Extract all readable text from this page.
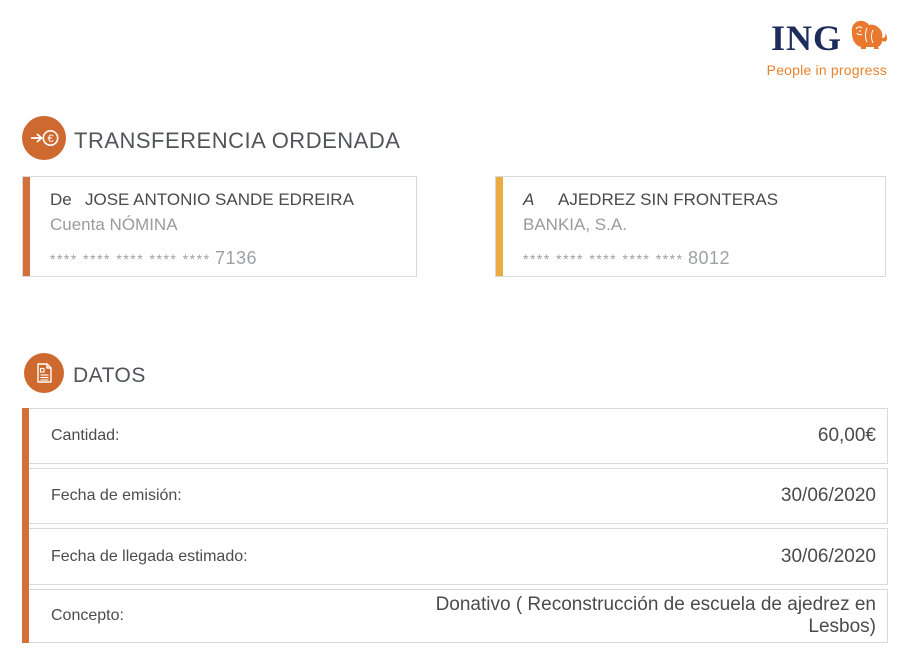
ING
People in progress
€ TRANSFERENCIA ORDENADA
De JOSE ANTONIO SANDE EDREIRA
Cuenta NÓMINA
**** **** **** **** **** 7136
A	AJEDREZ SIN FRONTERAS
BANKIA, S.A.
**** **** **** **** **** 8012
DATOS
Cantidad:	60,00€
Fecha de emisión:	30/06/2020
Fecha de llegada estimado:	30/06/2020
Concepto:
Donativo ( Reconstrucción de escuela de ajedrez en Lesbos)
